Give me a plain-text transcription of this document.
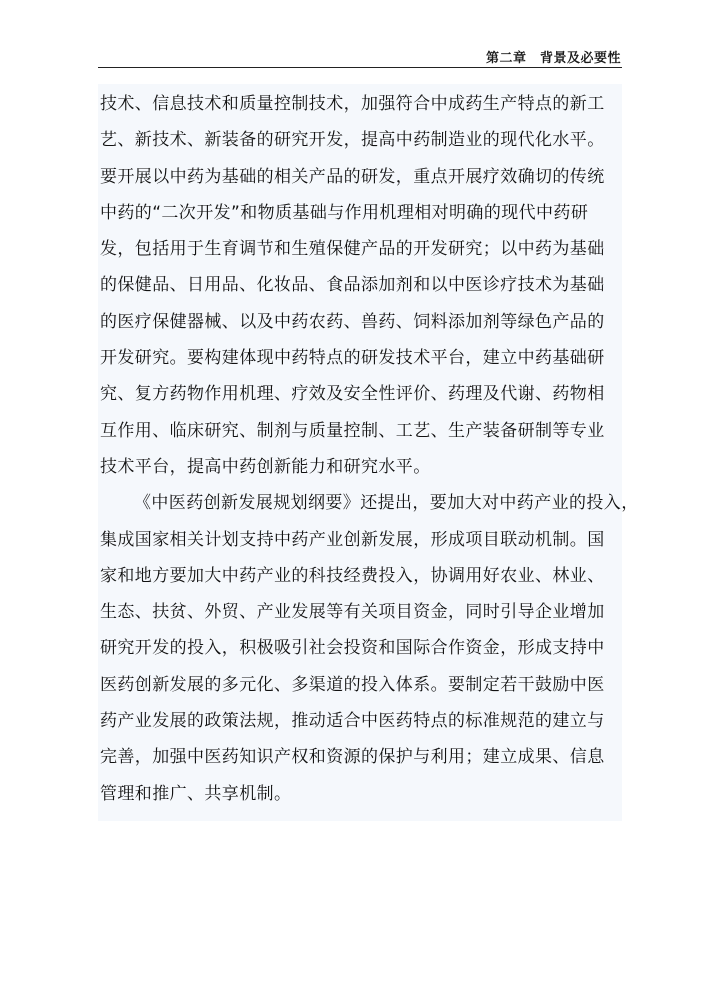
第二章　背景及必要性
技术、信息技术和质量控制技术，加强符合中成药生产特点的新工
艺、新技术、新装备的研究开发，提高中药制造业的现代化水平。
要开展以中药为基础的相关产品的研发，重点开展疗效确切的传统
中药的“二次开发”和物质基础与作用机理相对明确的现代中药研
发，包括用于生育调节和生殖保健产品的开发研究；以中药为基础
的保健品、日用品、化妆品、食品添加剂和以中医诊疗技术为基础
的医疗保健器械、以及中药农药、兽药、饲料添加剂等绿色产品的
开发研究。要构建体现中药特点的研发技术平台，建立中药基础研
究、复方药物作用机理、疗效及安全性评价、药理及代谢、药物相
互作用、临床研究、制剂与质量控制、工艺、生产装备研制等专业
技术平台，提高中药创新能力和研究水平。
《中医药创新发展规划纲要》还提出，要加大对中药产业的投入，
集成国家相关计划支持中药产业创新发展，形成项目联动机制。国
家和地方要加大中药产业的科技经费投入，协调用好农业、林业、
生态、扶贫、外贸、产业发展等有关项目资金，同时引导企业增加
研究开发的投入，积极吸引社会投资和国际合作资金，形成支持中
医药创新发展的多元化、多渠道的投入体系。要制定若干鼓励中医
药产业发展的政策法规，推动适合中医药特点的标准规范的建立与
完善，加强中医药知识产权和资源的保护与利用；建立成果、信息
管理和推广、共享机制。
